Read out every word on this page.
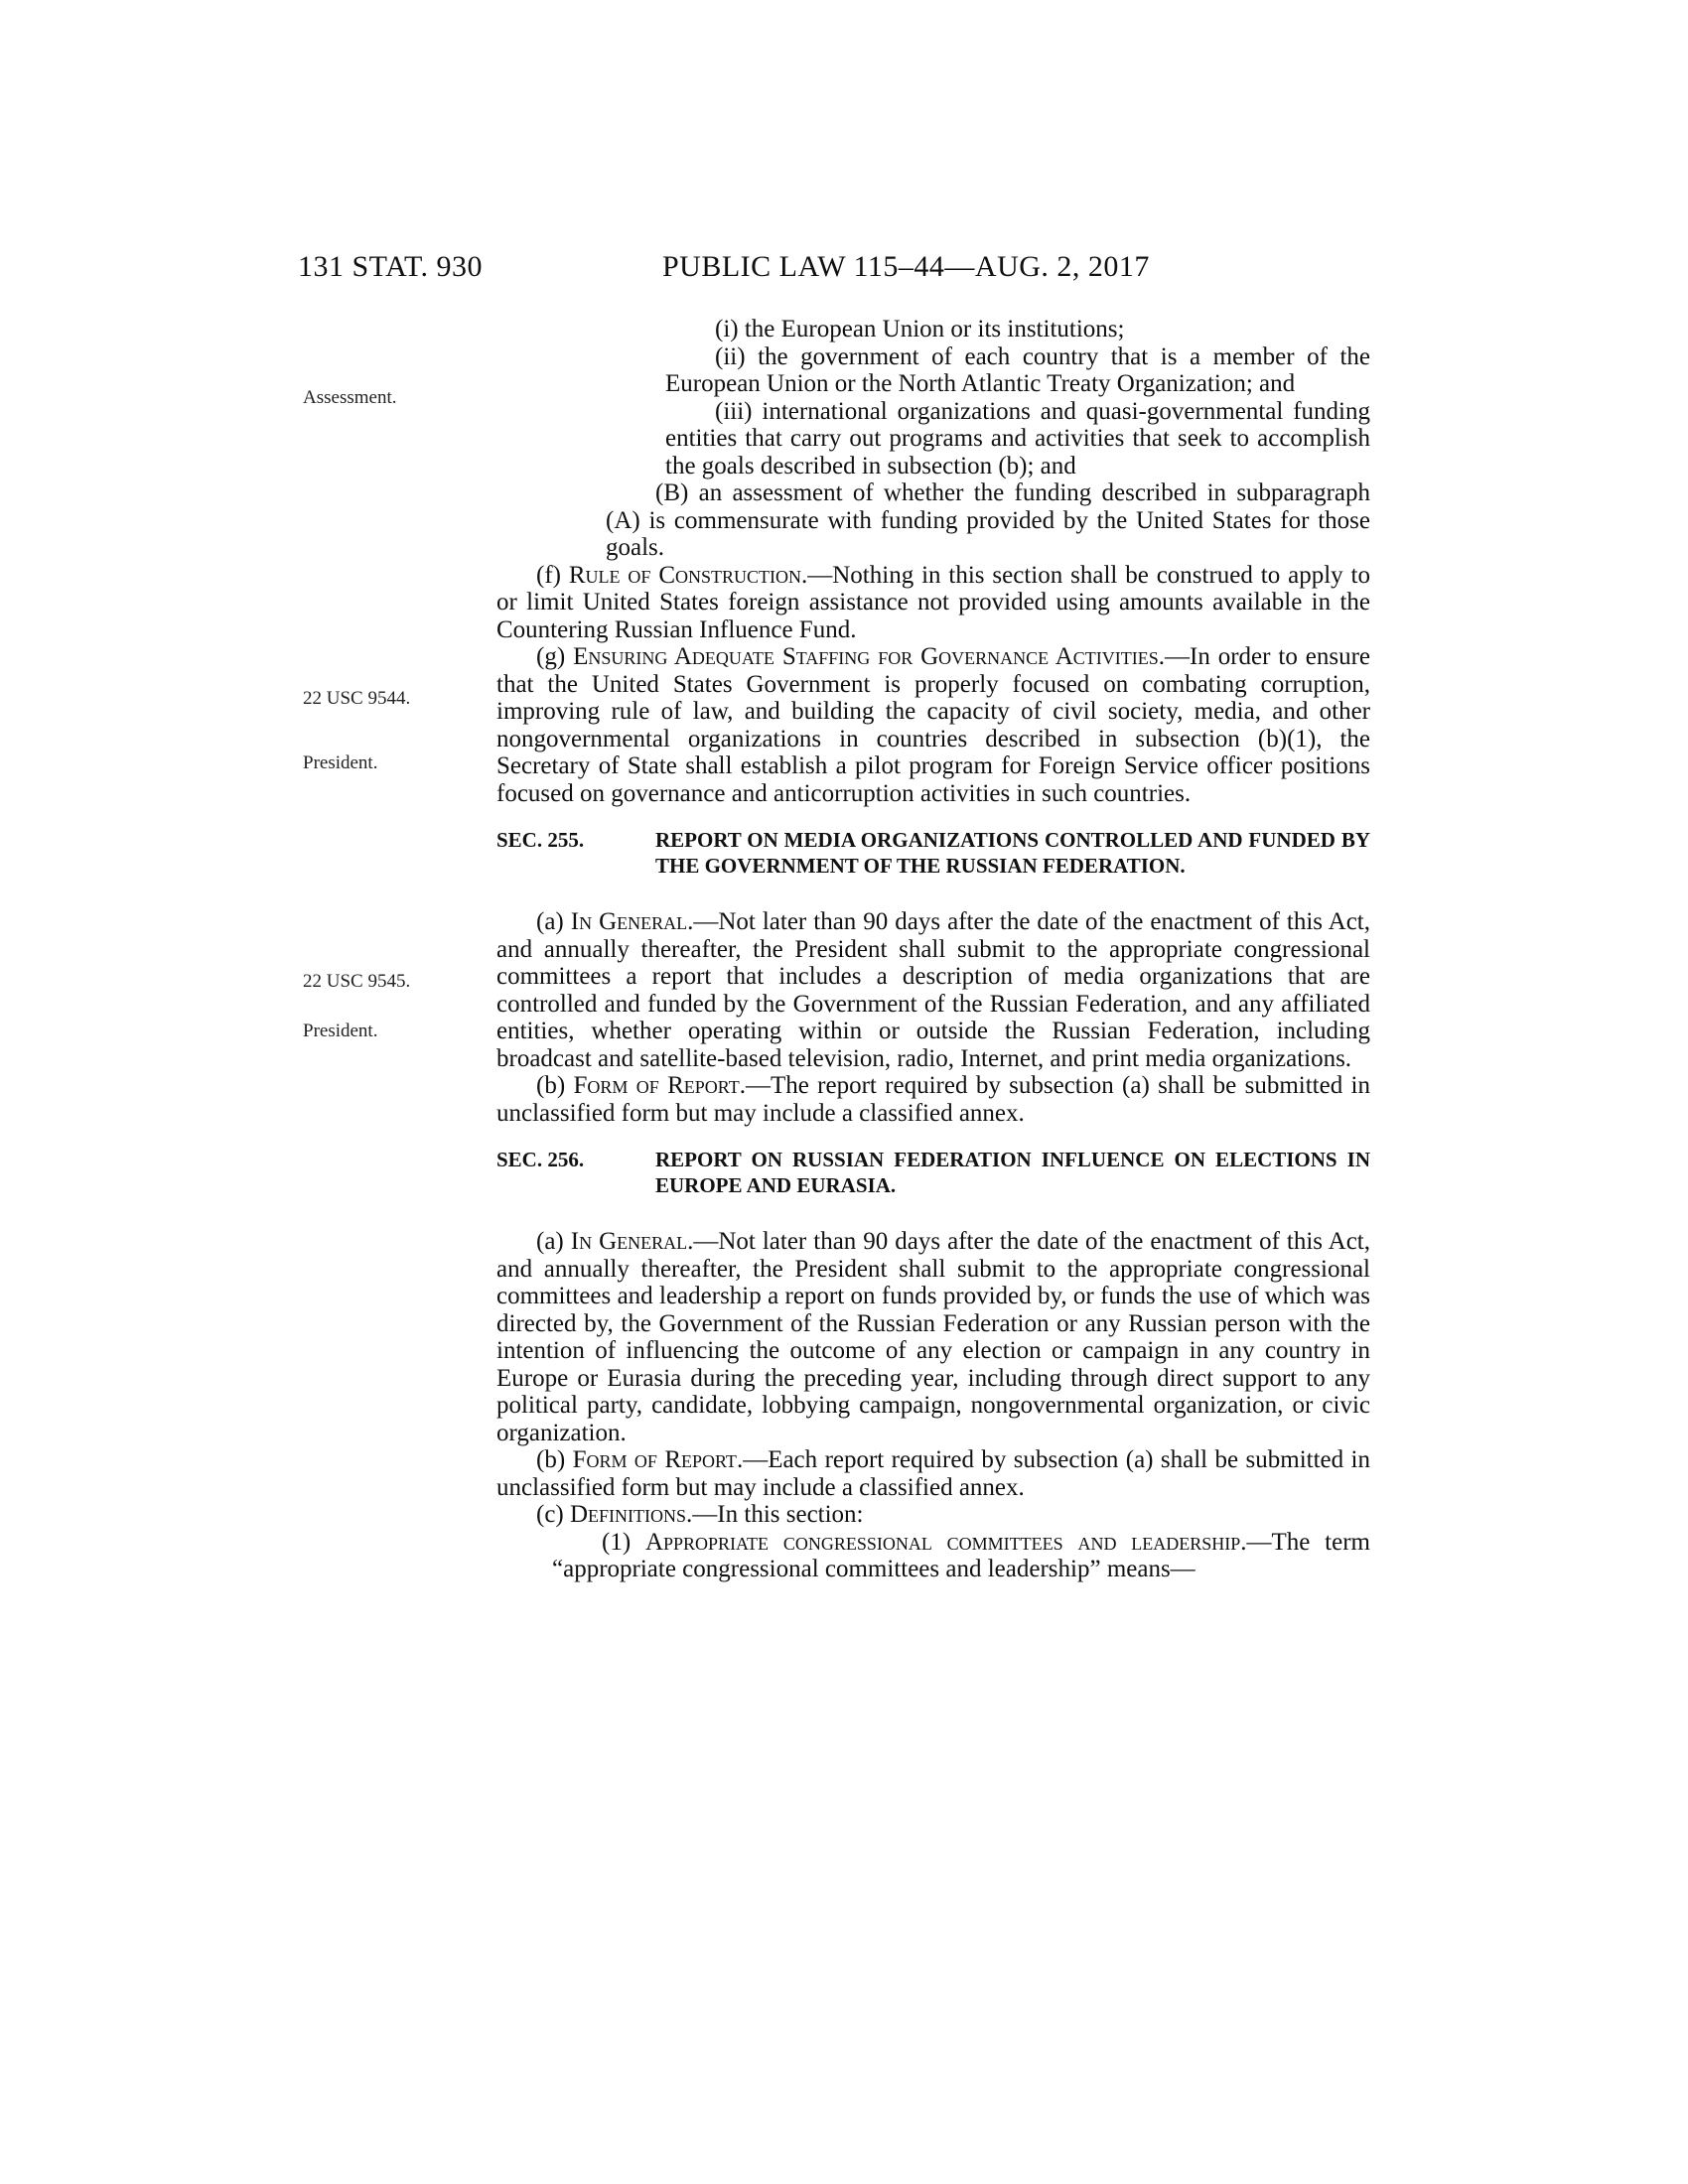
131 STAT. 930	PUBLIC LAW 115–44—AUG. 2, 2017
Assessment.
22 USC 9544.
President.
22 USC 9545.
President.

(i) the European Union or its institutions;

(ii) the government of each country that is a member of the European Union or the North Atlantic Treaty Organization; and

(iii) international organizations and quasi-governmental funding entities that carry out programs and activities that seek to accomplish the goals described in subsection (b); and

(B) an assessment of whether the funding described in subparagraph (A) is commensurate with funding provided by the United States for those goals.

(f) Rule of Construction.—Nothing in this section shall be construed to apply to or limit United States foreign assistance not provided using amounts available in the Countering Russian Influence Fund.

(g) Ensuring Adequate Staffing for Governance Activities.—In order to ensure that the United States Government is properly focused on combating corruption, improving rule of law, and building the capacity of civil society, media, and other nongovernmental organizations in countries described in subsection (b)(1), the Secretary of State shall establish a pilot program for Foreign Service officer positions focused on governance and anticorruption activities in such countries.

SEC. 255.	REPORT ON MEDIA ORGANIZATIONS CONTROLLED AND FUNDED BY THE GOVERNMENT OF THE RUSSIAN FEDERATION.

(a) In General.—Not later than 90 days after the date of the enactment of this Act, and annually thereafter, the President shall submit to the appropriate congressional committees a report that includes a description of media organizations that are controlled and funded by the Government of the Russian Federation, and any affiliated entities, whether operating within or outside the Russian Federation, including broadcast and satellite-based television, radio, Internet, and print media organizations.

(b) Form of Report.—The report required by subsection (a) shall be submitted in unclassified form but may include a classified annex.

SEC. 256.	REPORT ON RUSSIAN FEDERATION INFLUENCE ON ELECTIONS IN EUROPE AND EURASIA.

(a) In General.—Not later than 90 days after the date of the enactment of this Act, and annually thereafter, the President shall submit to the appropriate congressional committees and leadership a report on funds provided by, or funds the use of which was directed by, the Government of the Russian Federation or any Russian person with the intention of influencing the outcome of any election or campaign in any country in Europe or Eurasia during the preceding year, including through direct support to any political party, candidate, lobbying campaign, nongovernmental organization, or civic organization.

(b) Form of Report.—Each report required by subsection (a) shall be submitted in unclassified form but may include a classified annex.

(c) Definitions.—In this section:

(1) Appropriate congressional committees and leadership.—The term “appropriate congressional committees and leadership” means—
